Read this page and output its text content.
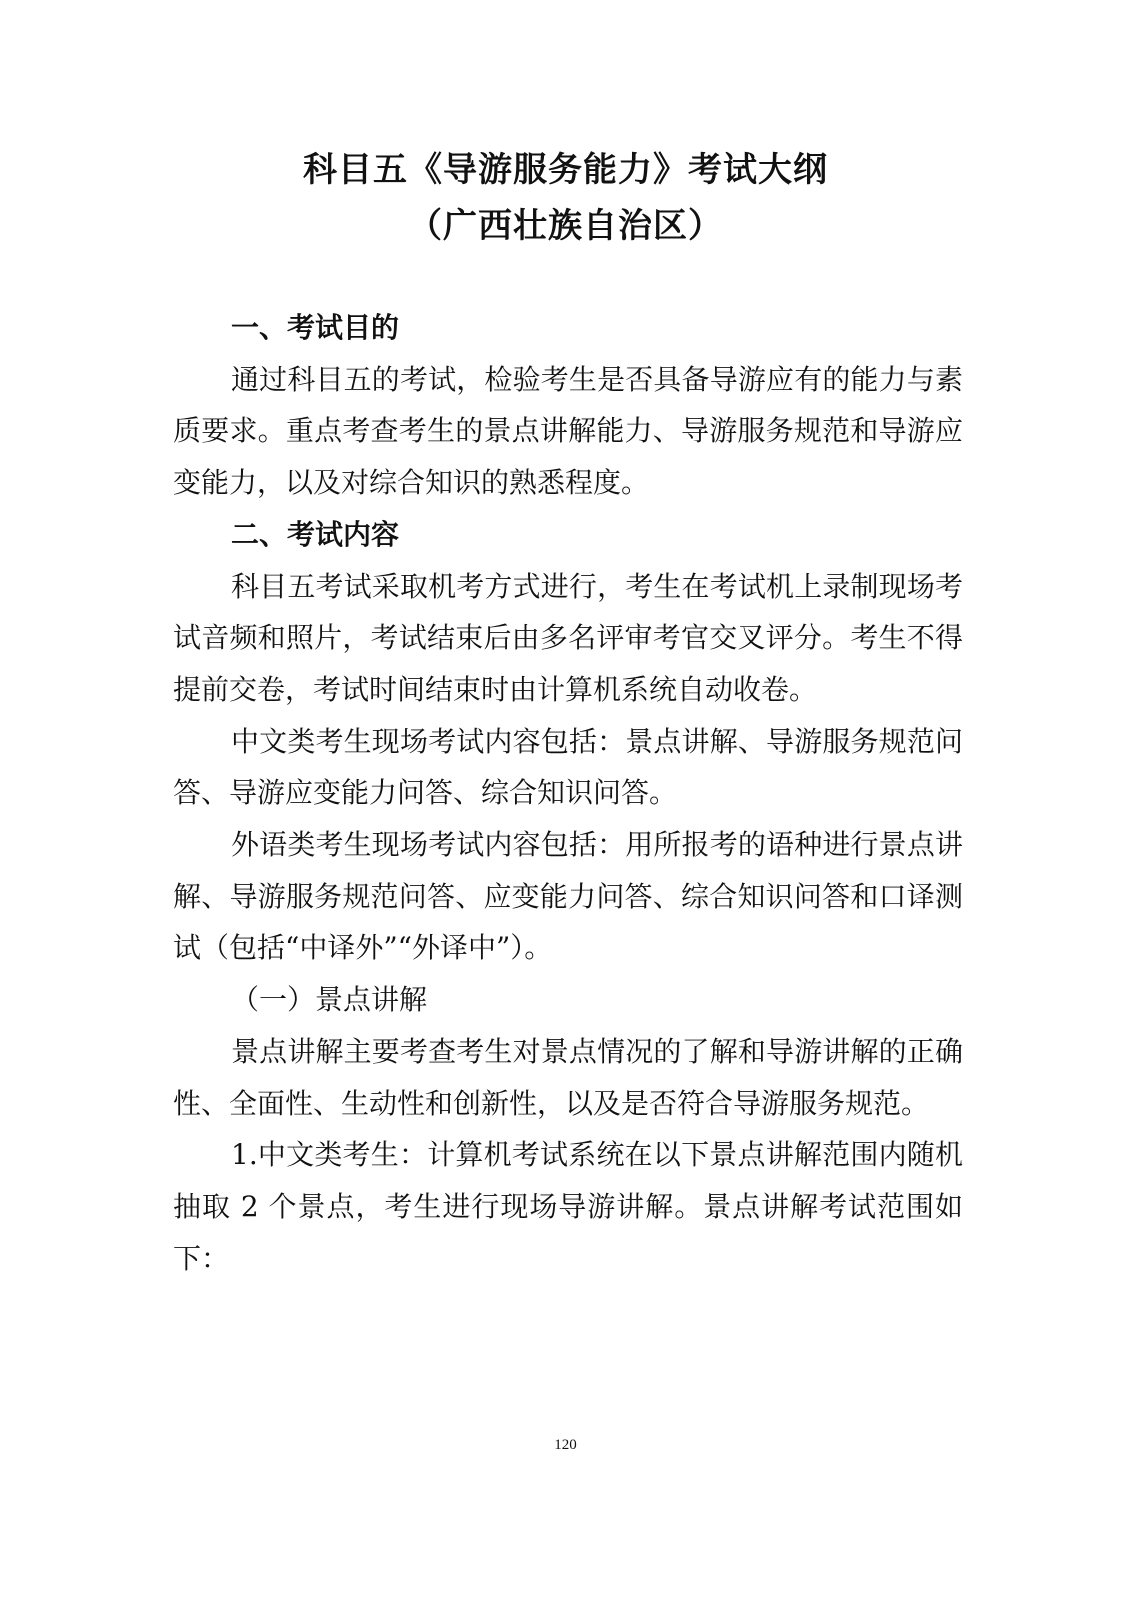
科目五《导游服务能力》考试大纲
（广西壮族自治区）
一、考试目的
通过科目五的考试，检验考生是否具备导游应有的能力与素质要求。重点考查考生的景点讲解能力、导游服务规范和导游应变能力，以及对综合知识的熟悉程度。
二、考试内容
科目五考试采取机考方式进行，考生在考试机上录制现场考试音频和照片，考试结束后由多名评审考官交叉评分。考生不得提前交卷，考试时间结束时由计算机系统自动收卷。
中文类考生现场考试内容包括：景点讲解、导游服务规范问答、导游应变能力问答、综合知识问答。
外语类考生现场考试内容包括：用所报考的语种进行景点讲解、导游服务规范问答、应变能力问答、综合知识问答和口译测试（包括“中译外”“外译中”）。
（一）景点讲解
景点讲解主要考查考生对景点情况的了解和导游讲解的正确性、全面性、生动性和创新性，以及是否符合导游服务规范。
1.中文类考生：计算机考试系统在以下景点讲解范围内随机抽取 2 个景点，考生进行现场导游讲解。景点讲解考试范围如下：
120
